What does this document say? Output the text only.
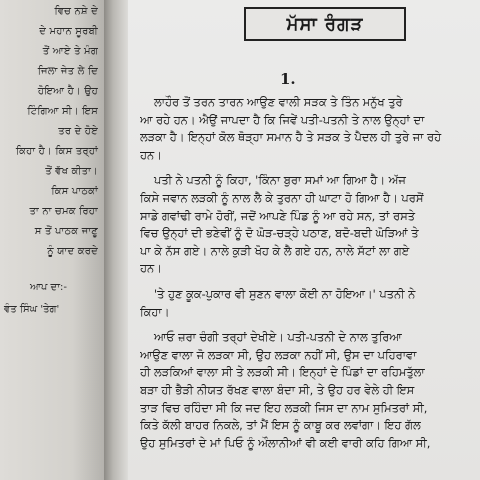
ਵਿਚ ਨਸ਼ੇ ਦੇ
ਦੇ ਮਹਾਨ ਸੂਰਬੀ
ਤੋਂ ਆਏ ਤੇ ਮੰਗ
ਜਿਲਾ ਜੇਤ ਲੇ ਦਿ
ਹੋਇਆ ਹੈ। ਉਹ
ਟਿੰਗਿਆ ਸੀ। ਇਸ
ਤਰ ਦੇ ਹੋਏ
ਕਿਹਾ ਹੈ। ਕਿਸ ਤਰ੍ਹਾਂ
ਤੋਂ ਵੱਖ ਕੀਤਾ।
ਕਿਸ ਪਾਠਕਾਂ
ਤਾ ਨਾ ਚਮਕ ਰਿਹਾ
ਸ ਤੋਂ ਪਾਠਕ ਜਾਣੂ
ਨੂੰ ਯਾਦ ਕਰਦੇ
ਆਪ ਦਾ:-
ਵੰਤ ਸਿੰਘ 'ਤੇਗ'
ਮੱਸਾ ਰੰਗੜ
1.
ਲਾਹੌਰ ਤੋਂ ਤਰਨ ਤਾਰਨ ਆਉਣ ਵਾਲੀ ਸੜਕ ਤੇ ਤਿੰਨ ਮਨੁੱਖ ਤੁਰੇ
ਆ ਰਹੇ ਹਨ। ਐਉਂ ਜਾਪਦਾ ਹੈ ਕਿ ਜਿਵੇਂ ਪਤੀ-ਪਤਨੀ ਤੇ ਨਾਲ ਉਨ੍ਹਾਂ ਦਾ
ਲੜਕਾ ਹੈ। ਇਨ੍ਹਾਂ ਕੋਲ ਥੋੜ੍ਹਾ ਸਮਾਨ ਹੈ ਤੇ ਸੜਕ ਤੇ ਪੈਦਲ ਹੀ ਤੁਰੇ ਜਾ ਰਹੇ
ਹਨ।
ਪਤੀ ਨੇ ਪਤਨੀ ਨੂੰ ਕਿਹਾ, 'ਕਿੰਨਾ ਬੁਰਾ ਸਮਾਂ ਆ ਗਿਆ ਹੈ। ਅੱਜ
ਕਿਸੇ ਜਵਾਨ ਲੜਕੀ ਨੂੰ ਨਾਲ ਲੈ ਕੇ ਤੁਰਨਾ ਹੀ ਘਾਟਾ ਹੋ ਗਿਆ ਹੈ। ਪਰਸੋਂ
ਸਾਡੇ ਗਵਾਂਢੀ ਰਾਮੇ ਹੋਰੀਂ, ਜਦੋਂ ਆਪਣੇ ਪਿੰਡ ਨੂੰ ਆ ਰਹੇ ਸਨ, ਤਾਂ ਰਸਤੇ
ਵਿਚ ਉਨ੍ਹਾਂ ਦੀ ਭਣੇਵੀਂ ਨੂੰ ਦੋ ਘੋੜ-ਚੜ੍ਹੇ ਪਠਾਣ, ਬਦੋ-ਬਦੀ ਘੋੜਿਆਂ ਤੇ
ਪਾ ਕੇ ਨੱਸ ਗਏ। ਨਾਲੇ ਕੁੜੀ ਖੋਹ ਕੇ ਲੈ ਗਏ ਹਨ, ਨਾਲੇ ਸੱਟਾਂ ਲਾ ਗਏ
ਹਨ।
'ਤੇ ਹੁਣ ਕੂਕ-ਪੁਕਾਰ ਵੀ ਸੁਣਨ ਵਾਲਾ ਕੋਈ ਨਾ ਹੋਇਆ।' ਪਤਨੀ ਨੇ
ਕਿਹਾ।
ਆਓ ਜ਼ਰਾ ਚੰਗੀ ਤਰ੍ਹਾਂ ਦੇਖੀਏ। ਪਤੀ-ਪਤਨੀ ਦੇ ਨਾਲ ਤੁਰਿਆ
ਆਉਣ ਵਾਲਾ ਜੋ ਲੜਕਾ ਸੀ, ਉਹ ਲੜਕਾ ਨਹੀਂ ਸੀ, ਉਸ ਦਾ ਪਹਿਰਾਵਾ
ਹੀ ਲੜਕਿਆਂ ਵਾਲਾ ਸੀ ਤੇ ਲੜਕੀ ਸੀ। ਇਨ੍ਹਾਂ ਦੇ ਪਿੰਡਾਂ ਦਾ ਰਹਿਮਤੁੱਲਾ
ਬੜਾ ਹੀ ਭੈੜੀ ਨੀਯਤ ਰੱਖਣ ਵਾਲਾ ਬੰਦਾ ਸੀ, ਤੇ ਉਹ ਹਰ ਵੇਲੇ ਹੀ ਇਸ
ਤਾੜ ਵਿਚ ਰਹਿੰਦਾ ਸੀ ਕਿ ਜਦ ਇਹ ਲੜਕੀ ਜਿਸ ਦਾ ਨਾਮ ਸੁਮਿਤਰਾਂ ਸੀ,
ਕਿਤੇ ਕੱਲੀ ਬਾਹਰ ਨਿਕਲੇ, ਤਾਂ ਮੈਂ ਇਸ ਨੂੰ ਕਾਬੂ ਕਰ ਲਵਾਂਗਾ। ਇਹ ਗੱਲ
ਉਹ ਸੁਮਿਤਰਾਂ ਦੇ ਮਾਂ ਪਿਓ ਨੂੰ ਔਲਾਨੀਆਂ ਵੀ ਕਈ ਵਾਰੀ ਕਹਿ ਗਿਆ ਸੀ,
